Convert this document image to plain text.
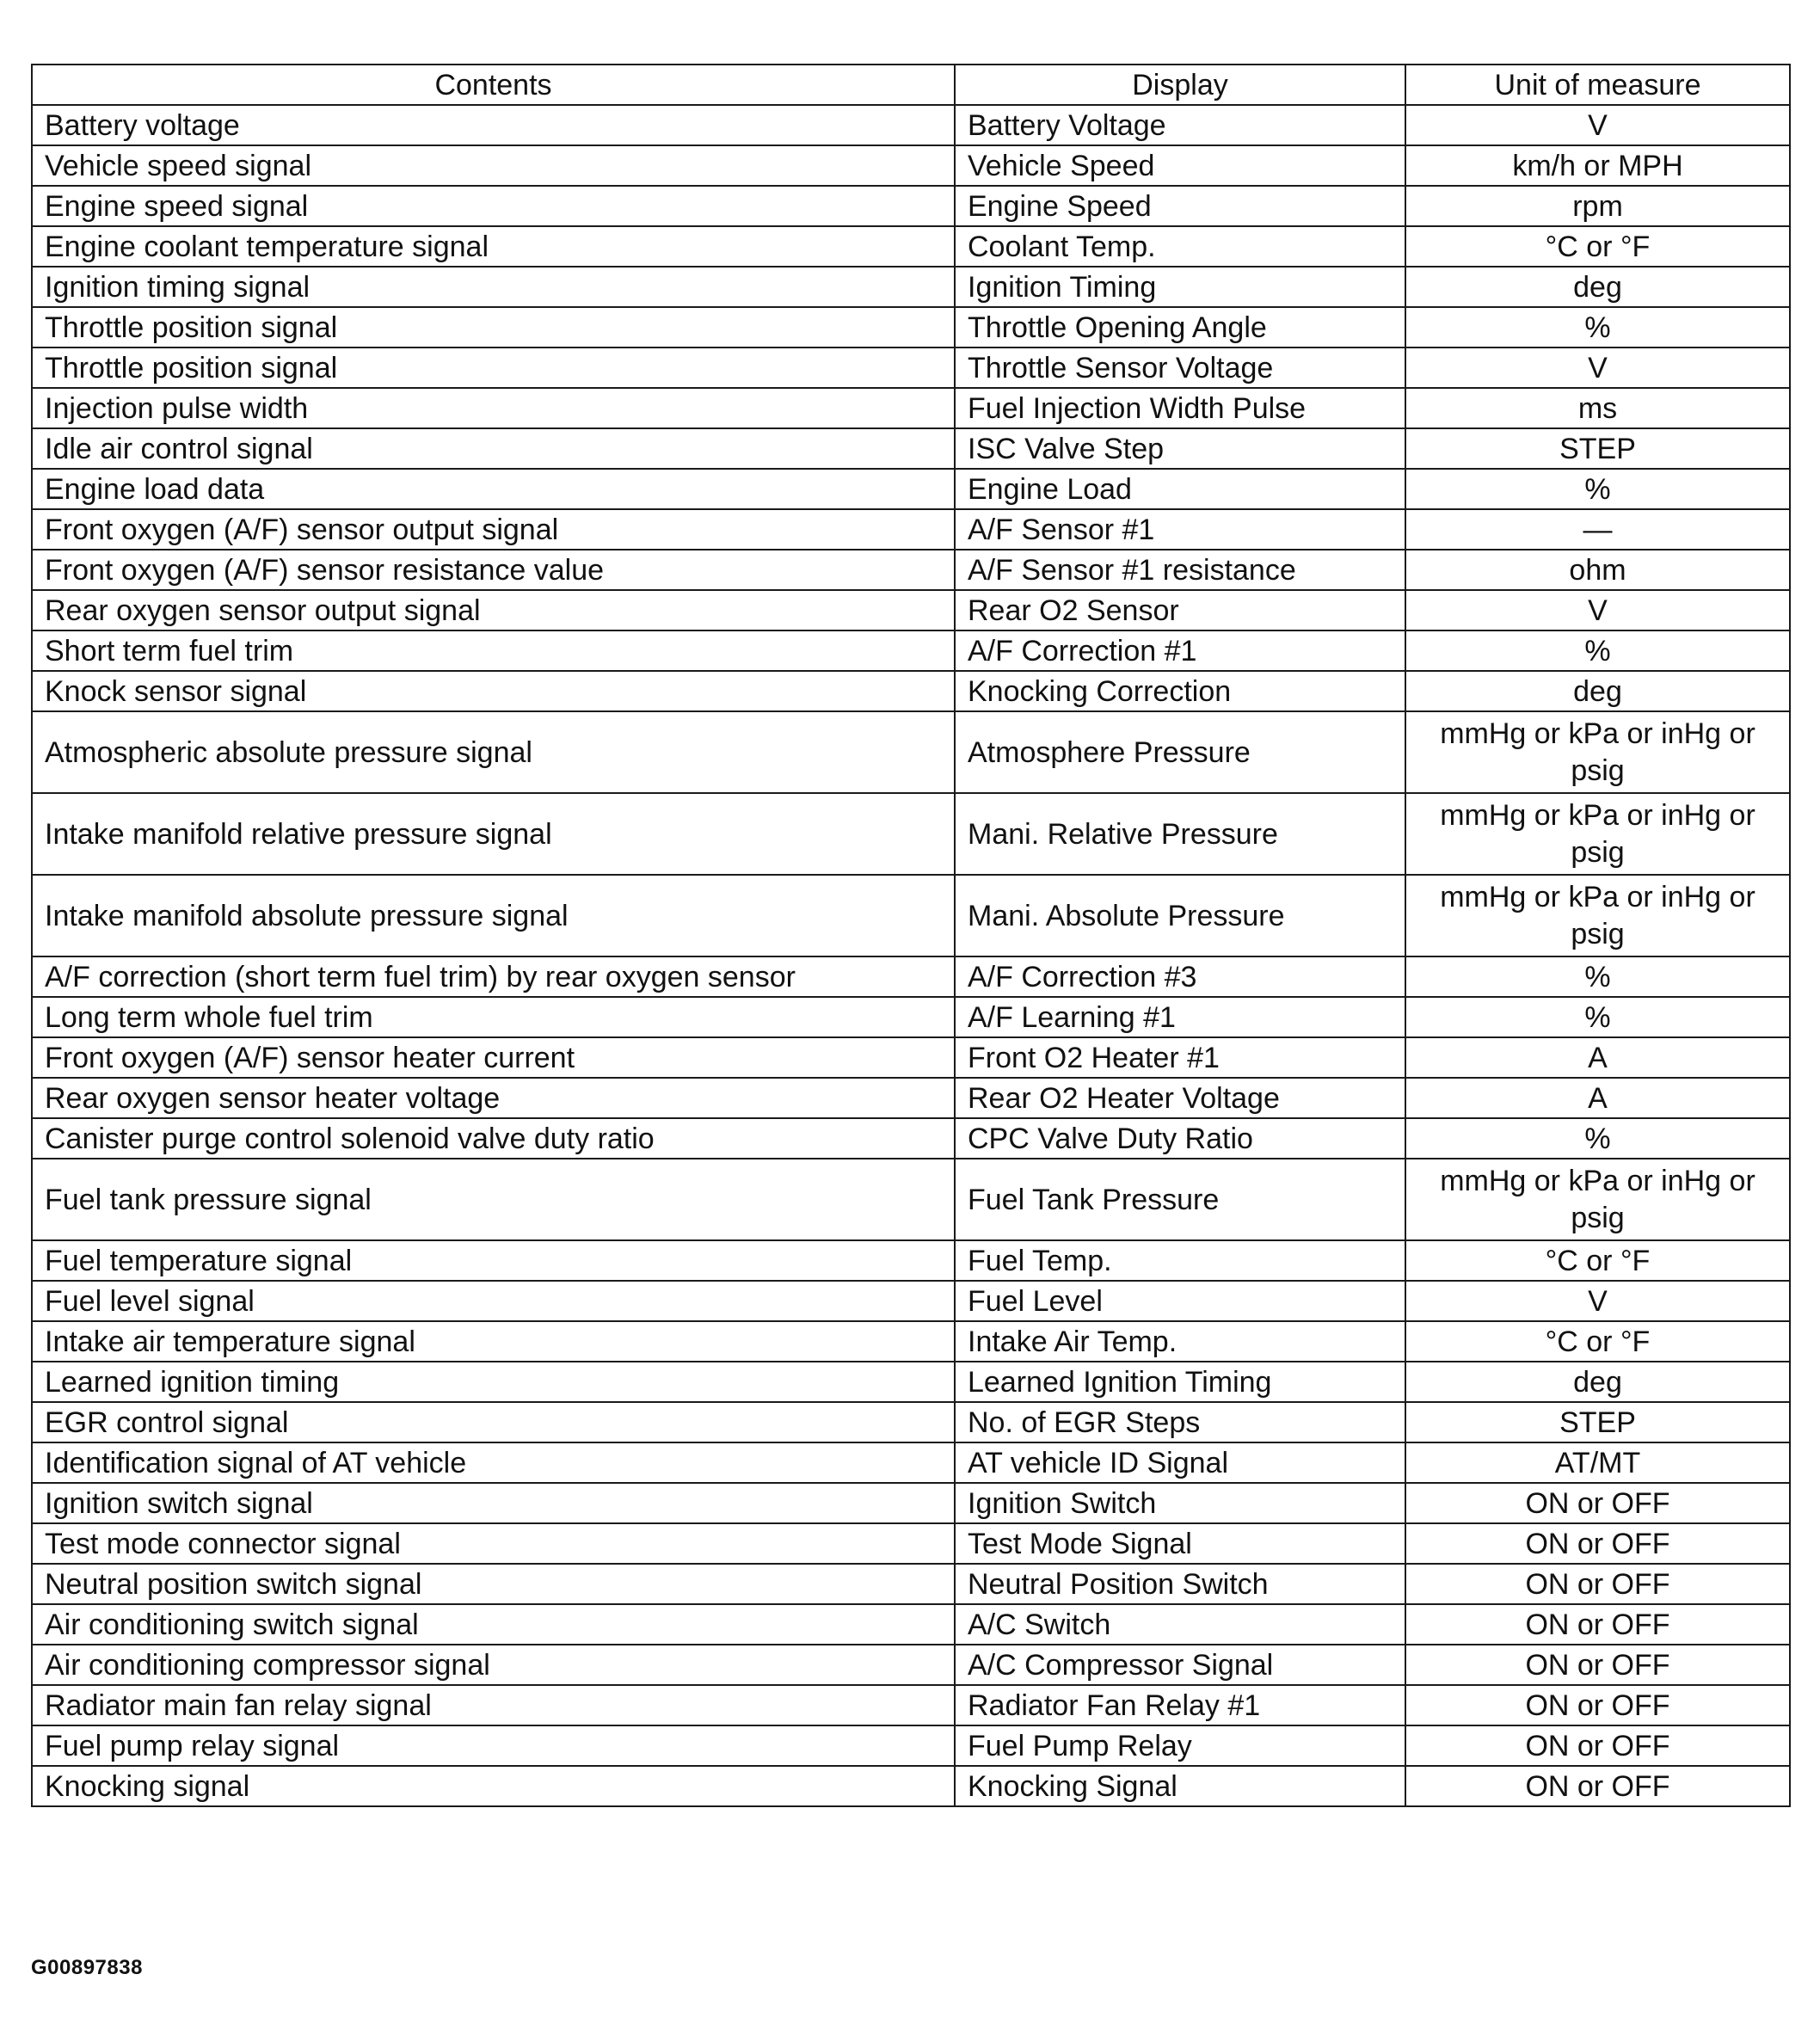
Contents	Display	Unit of measure
Battery voltage	Battery Voltage	V
Vehicle speed signal	Vehicle Speed	km/h or MPH
Engine speed signal	Engine Speed	rpm
Engine coolant temperature signal	Coolant Temp.	°C or °F
Ignition timing signal	Ignition Timing	deg
Throttle position signal	Throttle Opening Angle	%
Throttle position signal	Throttle Sensor Voltage	V
Injection pulse width	Fuel Injection Width Pulse	ms
Idle air control signal	ISC Valve Step	STEP
Engine load data	Engine Load	%
Front oxygen (A/F) sensor output signal	A/F Sensor #1	—
Front oxygen (A/F) sensor resistance value	A/F Sensor #1 resistance	ohm
Rear oxygen sensor output signal	Rear O2 Sensor	V
Short term fuel trim	A/F Correction #1	%
Knock sensor signal	Knocking Correction	deg
Atmospheric absolute pressure signal	Atmosphere Pressure	mmHg or kPa or inHg or psig
Intake manifold relative pressure signal	Mani. Relative Pressure	mmHg or kPa or inHg or psig
Intake manifold absolute pressure signal	Mani. Absolute Pressure	mmHg or kPa or inHg or psig
A/F correction (short term fuel trim) by rear oxygen sensor	A/F Correction #3	%
Long term whole fuel trim	A/F Learning #1	%
Front oxygen (A/F) sensor heater current	Front O2 Heater #1	A
Rear oxygen sensor heater voltage	Rear O2 Heater Voltage	A
Canister purge control solenoid valve duty ratio	CPC Valve Duty Ratio	%
Fuel tank pressure signal	Fuel Tank Pressure	mmHg or kPa or inHg or psig
Fuel temperature signal	Fuel Temp.	°C or °F
Fuel level signal	Fuel Level	V
Intake air temperature signal	Intake Air Temp.	°C or °F
Learned ignition timing	Learned Ignition Timing	deg
EGR control signal	No. of EGR Steps	STEP
Identification signal of AT vehicle	AT vehicle ID Signal	AT/MT
Ignition switch signal	Ignition Switch	ON or OFF
Test mode connector signal	Test Mode Signal	ON or OFF
Neutral position switch signal	Neutral Position Switch	ON or OFF
Air conditioning switch signal	A/C Switch	ON or OFF
Air conditioning compressor signal	A/C Compressor Signal	ON or OFF
Radiator main fan relay signal	Radiator Fan Relay #1	ON or OFF
Fuel pump relay signal	Fuel Pump Relay	ON or OFF
Knocking signal	Knocking Signal	ON or OFF
G00897838
